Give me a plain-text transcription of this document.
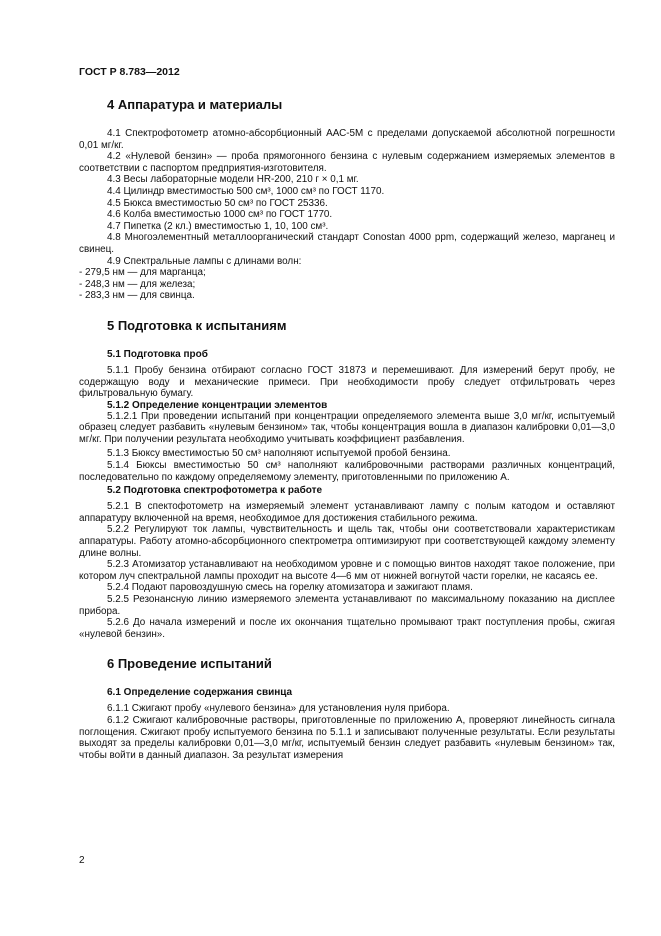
ГОСТ Р 8.783—2012
4 Аппаратура и материалы

4.1 Спектрофотометр атомно-абсорбционный ААС-5М с пределами допускаемой абсолютной погрешности 0,01 мг/кг.

4.2 «Нулевой бензин» — проба прямогонного бензина с нулевым содержанием измеряемых элементов в соответствии с паспортом предприятия-изготовителя.

4.3 Весы лабораторные модели HR-200, 210 г × 0,1 мг.

4.4 Цилиндр вместимостью 500 см³, 1000 см³ по ГОСТ 1170.

4.5 Бюкса вместимостью 50 см³ по ГОСТ 25336.

4.6 Колба вместимостью 1000 см³ по ГОСТ 1770.

4.7 Пипетка (2 кл.) вместимостью 1, 10, 100 см³.

4.8 Многоэлементный металлоорганический стандарт Conostan 4000 ppm, содержащий железо, марганец и свинец.

4.9 Спектральные лампы с длинами волн:

- 279,5 нм — для марганца;

- 248,3 нм — для железа;

- 283,3 нм — для свинца.

5 Подготовка к испытаниям
5.1 Подготовка проб

5.1.1 Пробу бензина отбирают согласно ГОСТ 31873 и перемешивают. Для измерений берут пробу, не содержащую воду и механические примеси. При необходимости пробу следует отфильтровать через фильтровальную бумагу.

5.1.2 Определение концентрации элементов

5.1.2.1 При проведении испытаний при концентрации определяемого элемента выше 3,0 мг/кг, испытуемый образец следует разбавить «нулевым бензином» так, чтобы концентрация вошла в диапазон калибровки 0,01—3,0 мг/кг. При получении результата необходимо учитывать коэффициент разбавления.

5.1.3 Бюксу вместимостью 50 см³ наполняют испытуемой пробой бензина.

5.1.4 Бюксы вместимостью 50 см³ наполняют калибровочными растворами различных концентраций, последовательно по каждому определяемому элементу, приготовленными по приложению А.

5.2 Подготовка спектрофотометра к работе

5.2.1 В спектофотометр на измеряемый элемент устанавливают лампу с полым катодом и оставляют аппаратуру включенной на время, необходимое для достижения стабильного режима.

5.2.2 Регулируют ток лампы, чувствительность и щель так, чтобы они соответствовали характеристикам аппаратуры. Работу атомно-абсорбционного спектрометра оптимизируют при соответствующей каждому элементу длине волны.

5.2.3 Атомизатор устанавливают на необходимом уровне и с помощью винтов находят такое положение, при котором луч спектральной лампы проходит на высоте 4—6 мм от нижней вогнутой части горелки, не касаясь ее.

5.2.4 Подают паровоздушную смесь на горелку атомизатора и зажигают пламя.

5.2.5 Резонансную линию измеряемого элемента устанавливают по максимальному показанию на дисплее прибора.

5.2.6 До начала измерений и после их окончания тщательно промывают тракт поступления пробы, сжигая «нулевой бензин».

6 Проведение испытаний
6.1 Определение содержания свинца

6.1.1 Сжигают пробу «нулевого бензина» для установления нуля прибора.

6.1.2 Сжигают калибровочные растворы, приготовленные по приложению А, проверяют линейность сигнала поглощения. Сжигают пробу испытуемого бензина по 5.1.1 и записывают полученные результаты. Если результаты выходят за пределы калибровки 0,01—3,0 мг/кг, испытуемый бензин следует разбавить «нулевым бензином» так, чтобы войти в данный диапазон. За результат измерения

2
